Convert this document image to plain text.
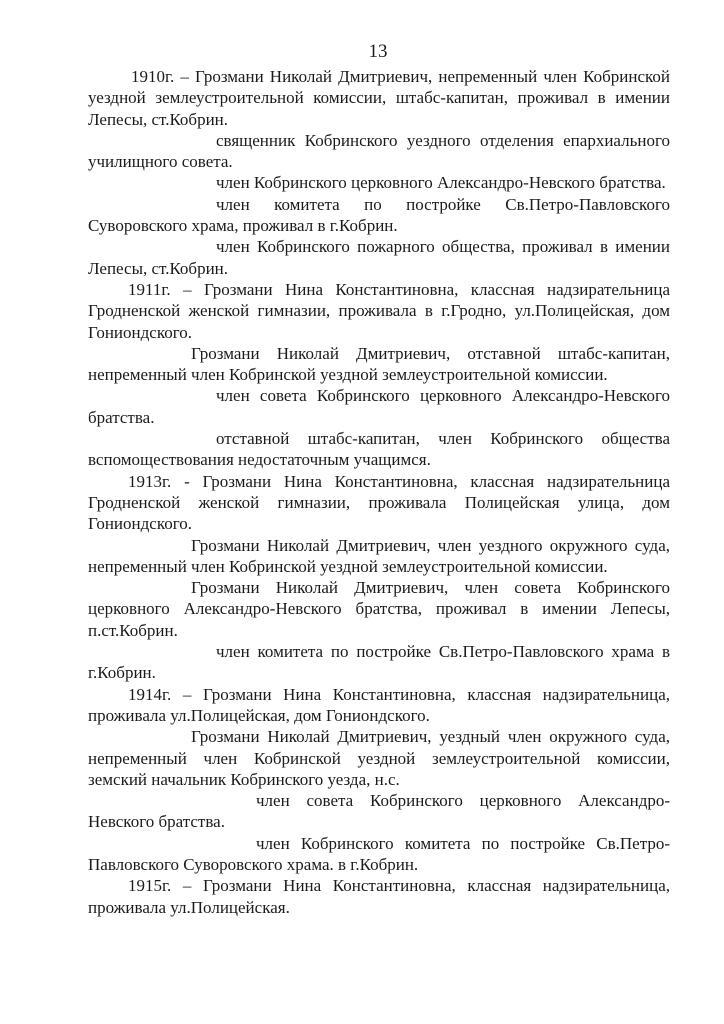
13

1910г. – Грозмани Николай Дмитриевич, непременный член Кобринской уездной землеустроительной комиссии, штабс-капитан, проживал в имении Лепесы, ст.Кобрин.

священник Кобринского уездного отделения епархиального училищного совета.

член Кобринского церковного Александро-Невского братства.

член комитета по постройке Св.Петро-Павловского Суворовского храма, проживал в г.Кобрин.

член Кобринского пожарного общества, проживал в имении Лепесы, ст.Кобрин.

1911г. – Грозмани Нина Константиновна, классная надзирательница Гродненской женской гимназии, проживала в г.Гродно, ул.Полицейская, дом Гониондского.

Грозмани Николай Дмитриевич, отставной штабс-капитан, непременный член Кобринской уездной землеустроительной комиссии.

член совета Кобринского церковного Александро-Невского братства.

отставной штабс-капитан, член Кобринского общества вспомоществования недостаточным учащимся.

1913г. - Грозмани Нина Константиновна, классная надзирательница Гродненской женской гимназии, проживала Полицейская улица, дом Гониондского.

Грозмани Николай Дмитриевич, член уездного окружного суда, непременный член Кобринской уездной землеустроительной комиссии.

Грозмани Николай Дмитриевич, член совета Кобринского церковного Александро-Невского братства, проживал в имении Лепесы, п.ст.Кобрин.

член комитета по постройке Св.Петро-Павловского храма в г.Кобрин.

1914г. – Грозмани Нина Константиновна, классная надзирательница, проживала ул.Полицейская, дом Гониондского.

Грозмани Николай Дмитриевич, уездный член окружного суда, непременный член Кобринской уездной землеустроительной комиссии, земский начальник Кобринского уезда, н.с.

член совета Кобринского церковного Александро-Невского братства.

член Кобринского комитета по постройке Св.Петро-Павловского Суворовского храма. в г.Кобрин.

1915г. – Грозмани Нина Константиновна, классная надзирательница, проживала ул.Полицейская.
